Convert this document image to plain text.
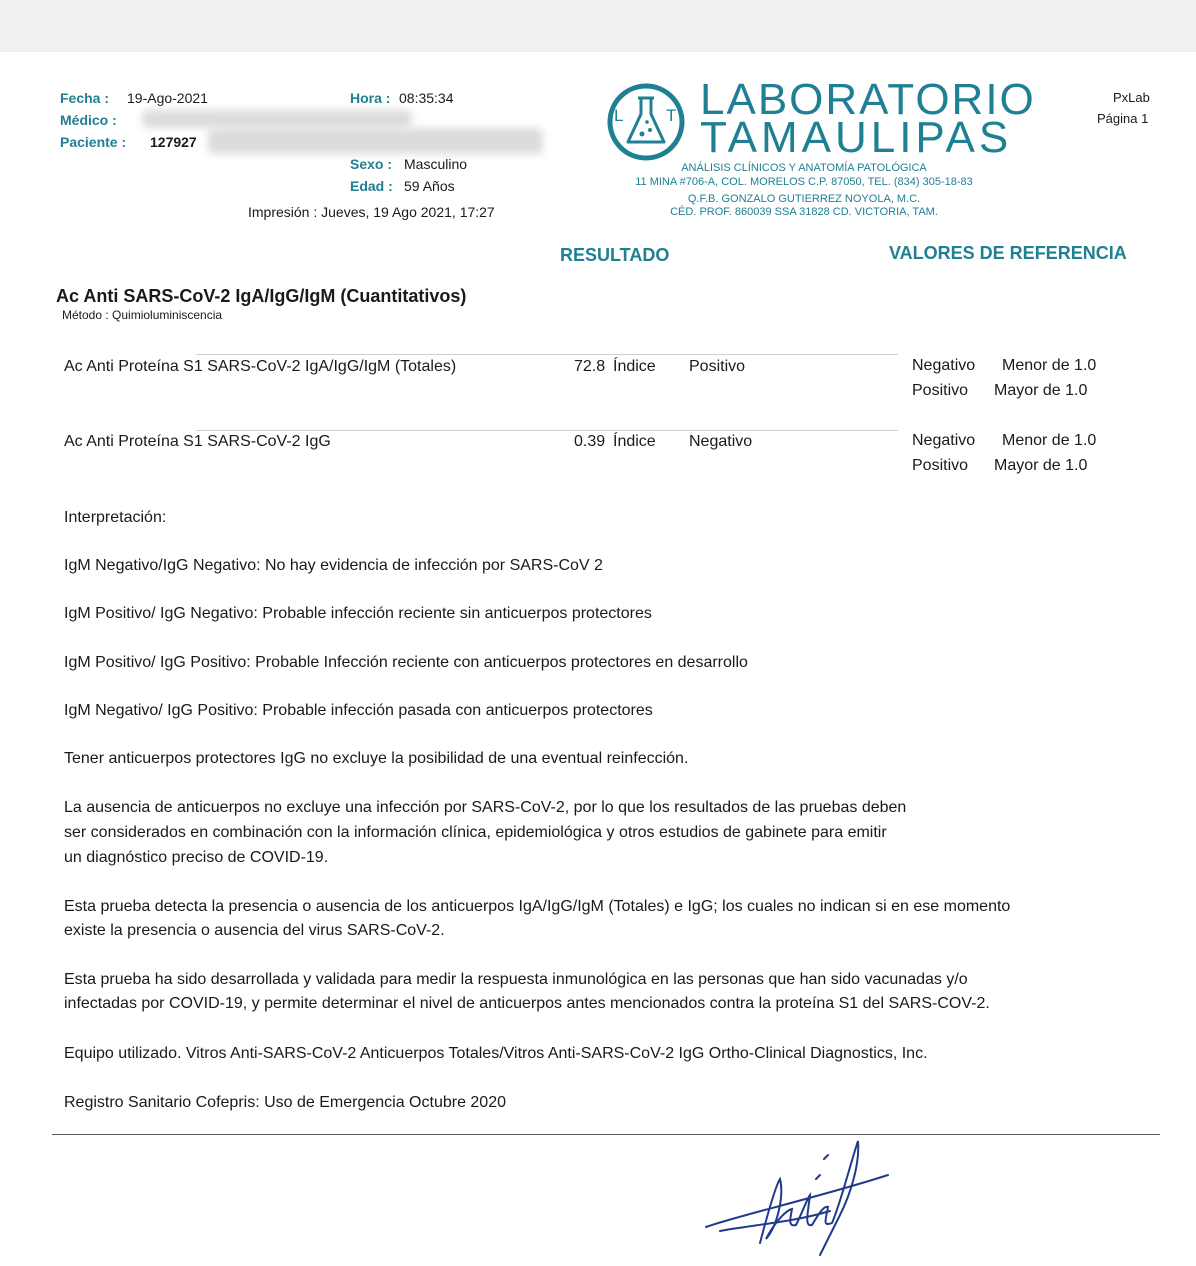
Fecha : 19-Ago-2021
Médico :
Paciente : 127927
Hora : 08:35:34
Sexo : Masculino
Edad : 59 Años
Impresión : Jueves, 19 Ago 2021, 17:27
PxLab
Página 1
L	T LABORATORIO
TAMAULIPAS
ANÁLISIS CLÍNICOS Y ANATOMÍA PATOLÓGICA
11 MINA #706-A, COL. MORELOS C.P. 87050, TEL. (834) 305-18-83
Q.F.B. GONZALO GUTIERREZ NOYOLA, M.C.
CÉD. PROF. 860039 SSA 31828 CD. VICTORIA, TAM.
RESULTADO	VALORES DE REFERENCIA
Ac Anti SARS-CoV-2 IgA/IgG/IgM (Cuantitativos)
Método : Quimioluminiscencia
Ac Anti Proteína S1 SARS-CoV-2 IgA/IgG/IgM (Totales)	72.8 Índice Positivo	Negativo Menor de 1.0
Positivo Mayor de 1.0
Ac Anti Proteína S1 SARS-CoV-2 IgG	0.39 Índice Negativo	Negativo Menor de 1.0
Positivo Mayor de 1.0
Interpretación:
IgM Negativo/IgG Negativo: No hay evidencia de infección por SARS-CoV 2
IgM Positivo/ IgG Negativo: Probable infección reciente sin anticuerpos protectores
IgM Positivo/ IgG Positivo: Probable Infección reciente con anticuerpos protectores en desarrollo
IgM Negativo/ IgG Positivo: Probable infección pasada con anticuerpos protectores
Tener anticuerpos protectores IgG no excluye la posibilidad de una eventual reinfección.
La ausencia de anticuerpos no excluye una infección por SARS-CoV-2, por lo que los resultados de las pruebas deben
ser considerados en combinación con la información clínica, epidemiológica y otros estudios de gabinete para emitir
un diagnóstico preciso de COVID-19.
Esta prueba detecta la presencia o ausencia de los anticuerpos IgA/IgG/IgM (Totales) e IgG; los cuales no indican si en ese momento
existe la presencia o ausencia del virus SARS-CoV-2.
Esta prueba ha sido desarrollada y validada para medir la respuesta inmunológica en las personas que han sido vacunadas y/o
infectadas por COVID-19, y permite determinar el nivel de anticuerpos antes mencionados contra la proteína S1 del SARS-COV-2.
Equipo utilizado. Vitros Anti-SARS-CoV-2 Anticuerpos Totales/Vitros Anti-SARS-CoV-2 IgG Ortho-Clinical Diagnostics, Inc.
Registro Sanitario Cofepris: Uso de Emergencia Octubre 2020
